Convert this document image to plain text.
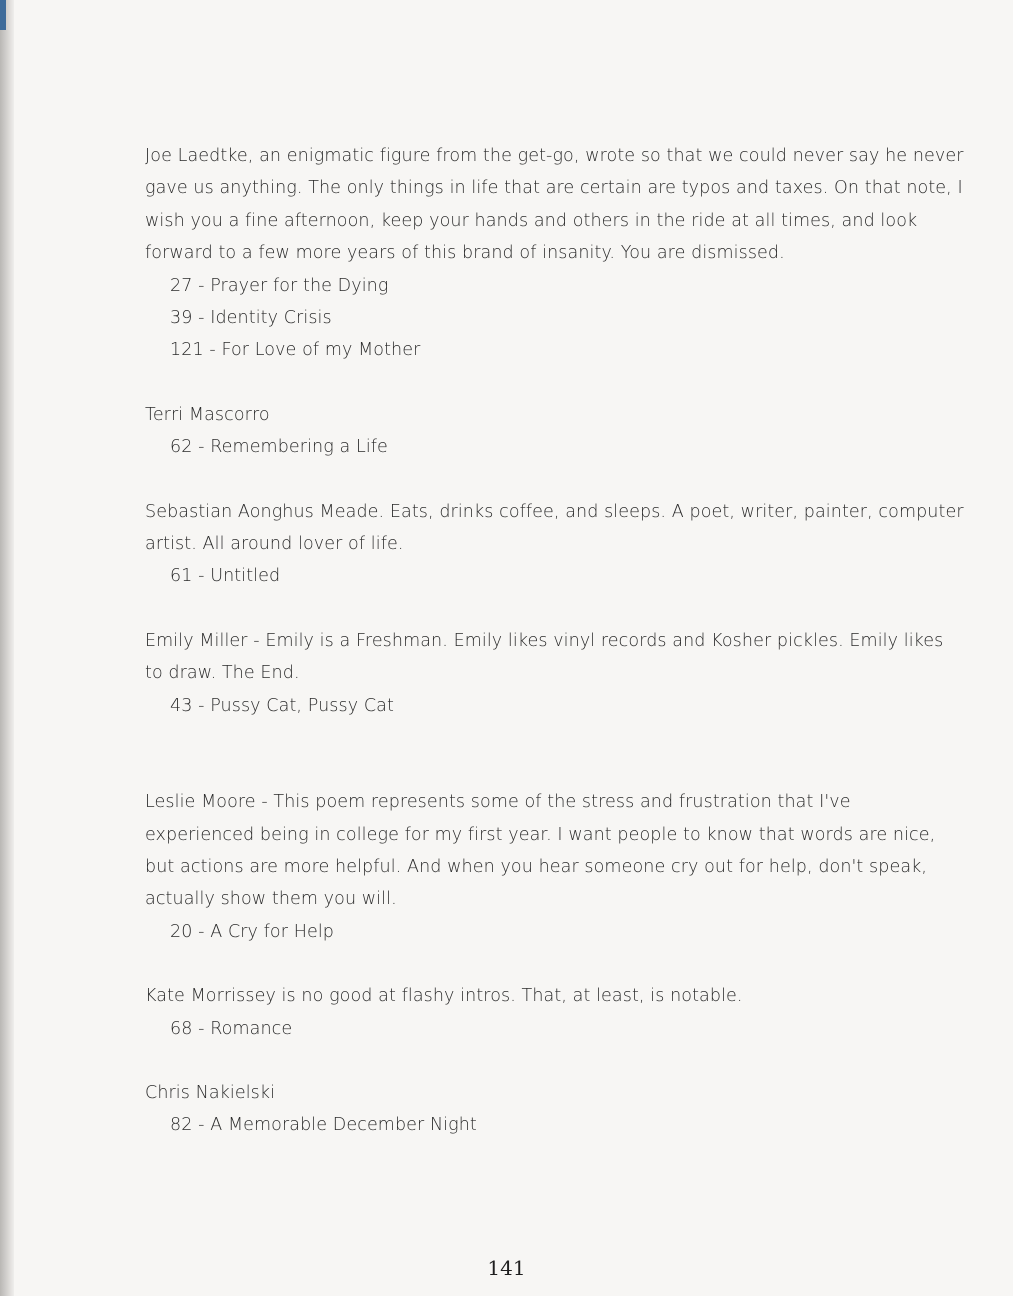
Joe Laedtke, an enigmatic figure from the get-go, wrote so that we could never say he never gave us anything. The only things in life that are certain are typos and taxes. On that note, I wish you a fine afternoon, keep your hands and others in the ride at all times, and look forward to a few more years of this brand of insanity. You are dismissed.

27 - Prayer for the Dying

39 - Identity Crisis

121 - For Love of my Mother

Terri Mascorro

62 - Remembering a Life

Sebastian Aonghus Meade. Eats, drinks coffee, and sleeps. A poet, writer, painter, computer artist. All around lover of life.

61 - Untitled

Emily Miller - Emily is a Freshman. Emily likes vinyl records and Kosher pickles. Emily likes to draw. The End.

43 - Pussy Cat, Pussy Cat

Leslie Moore - This poem represents some of the stress and frustration that I've experienced being in college for my first year. I want people to know that words are nice, but actions are more helpful. And when you hear someone cry out for help, don't speak, actually show them you will.

20 - A Cry for Help

Kate Morrissey is no good at flashy intros. That, at least, is notable.

68 - Romance

Chris Nakielski

82 - A Memorable December Night

141
